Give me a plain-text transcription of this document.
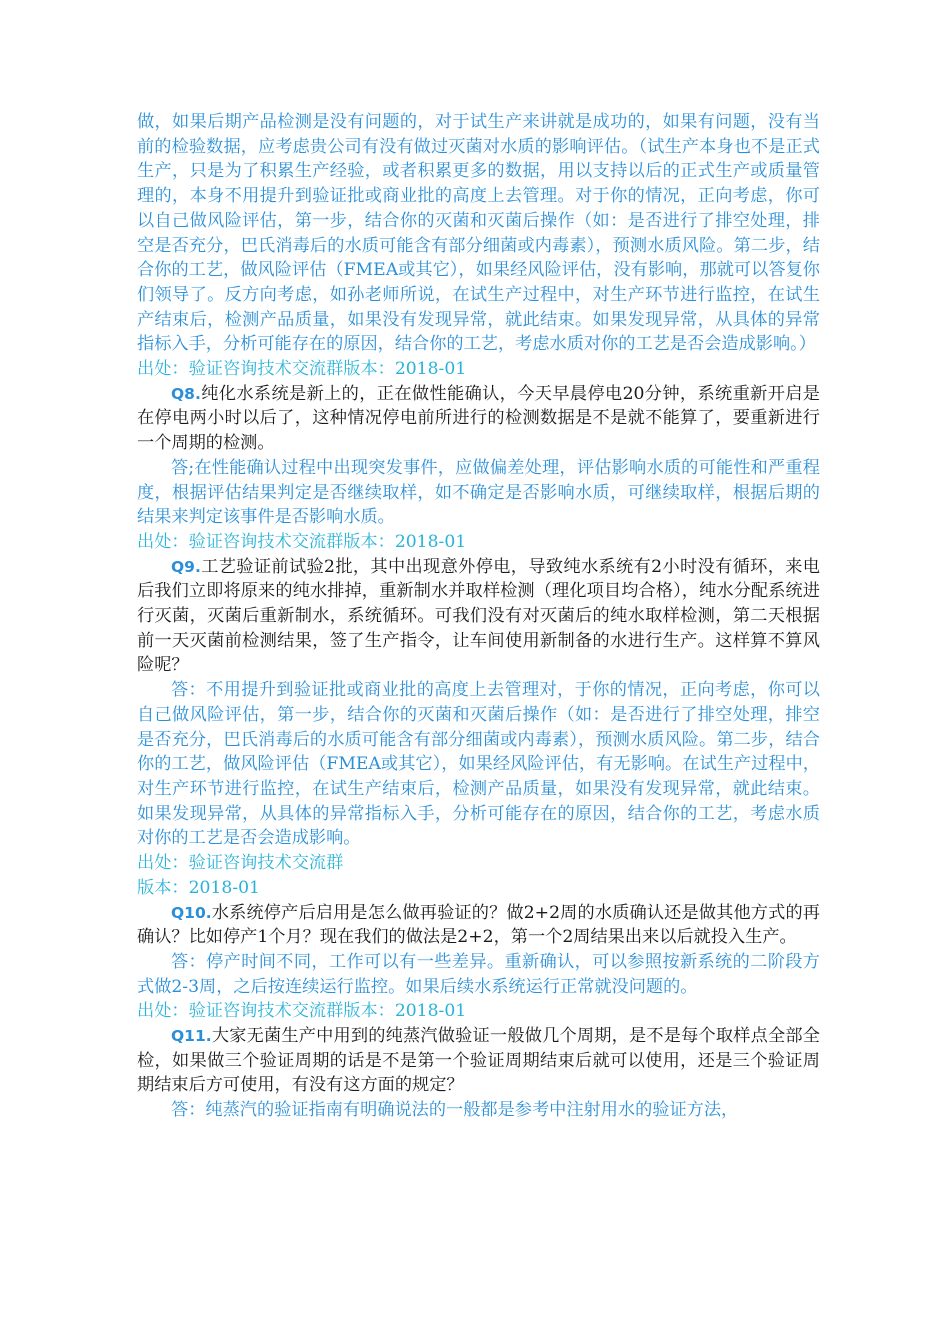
做，如果后期产品检测是没有问题的，对于试生产来讲就是成功的，如果有问题，没有当前的检验数据，应考虑贵公司有没有做过灭菌对水质的影响评估。（试生产本身也不是正式生产，只是为了积累生产经验，或者积累更多的数据，用以支持以后的正式生产或质量管理的，本身不用提升到验证批或商业批的高度上去管理。对于你的情况，正向考虑，你可以自己做风险评估，第一步，结合你的灭菌和灭菌后操作（如：是否进行了排空处理，排空是否充分，巴氏消毒后的水质可能含有部分细菌或内毒素），预测水质风险。第二步，结合你的工艺，做风险评估（FMEA或其它），如果经风险评估，没有影响，那就可以答复你们领导了。反方向考虑，如孙老师所说，在试生产过程中，对生产环节进行监控，在试生产结束后，检测产品质量，如果没有发现异常，就此结束。如果发现异常，从具体的异常指标入手，分析可能存在的原因，结合你的工艺，考虑水质对你的工艺是否会造成影响。）

出处：验证咨询技术交流群版本：2018-01

Q8.纯化水系统是新上的，正在做性能确认，今天早晨停电20分钟，系统重新开启是在停电两小时以后了，这种情况停电前所进行的检测数据是不是就不能算了，要重新进行一个周期的检测。

答;在性能确认过程中出现突发事件，应做偏差处理，评估影响水质的可能性和严重程度，根据评估结果判定是否继续取样，如不确定是否影响水质，可继续取样，根据后期的结果来判定该事件是否影响水质。

出处：验证咨询技术交流群版本：2018-01

Q9.工艺验证前试验2批，其中出现意外停电，导致纯水系统有2小时没有循环，来电后我们立即将原来的纯水排掉，重新制水并取样检测（理化项目均合格），纯水分配系统进行灭菌，灭菌后重新制水，系统循环。可我们没有对灭菌后的纯水取样检测，第二天根据前一天灭菌前检测结果，签了生产指令，让车间使用新制备的水进行生产。这样算不算风险呢？

答：不用提升到验证批或商业批的高度上去管理对，于你的情况，正向考虑，你可以自己做风险评估，第一步，结合你的灭菌和灭菌后操作（如：是否进行了排空处理，排空是否充分，巴氏消毒后的水质可能含有部分细菌或内毒素），预测水质风险。第二步，结合你的工艺，做风险评估（FMEA或其它），如果经风险评估，有无影响。在试生产过程中，对生产环节进行监控，在试生产结束后，检测产品质量，如果没有发现异常，就此结束。如果发现异常，从具体的异常指标入手，分析可能存在的原因，结合你的工艺，考虑水质对你的工艺是否会造成影响。

出处：验证咨询技术交流群

版本：2018-01

Q10.水系统停产后启用是怎么做再验证的？做2+2周的水质确认还是做其他方式的再确认？比如停产1个月？现在我们的做法是2+2，第一个2周结果出来以后就投入生产。

答：停产时间不同，工作可以有一些差异。重新确认，可以参照按新系统的二阶段方式做2-3周，之后按连续运行监控。如果后续水系统运行正常就没问题的。

出处：验证咨询技术交流群版本：2018-01

Q11.大家无菌生产中用到的纯蒸汽做验证一般做几个周期，是不是每个取样点全部全检，如果做三个验证周期的话是不是第一个验证周期结束后就可以使用，还是三个验证周期结束后方可使用，有没有这方面的规定？

答：纯蒸汽的验证指南有明确说法的一般都是参考中注射用水的验证方法，
